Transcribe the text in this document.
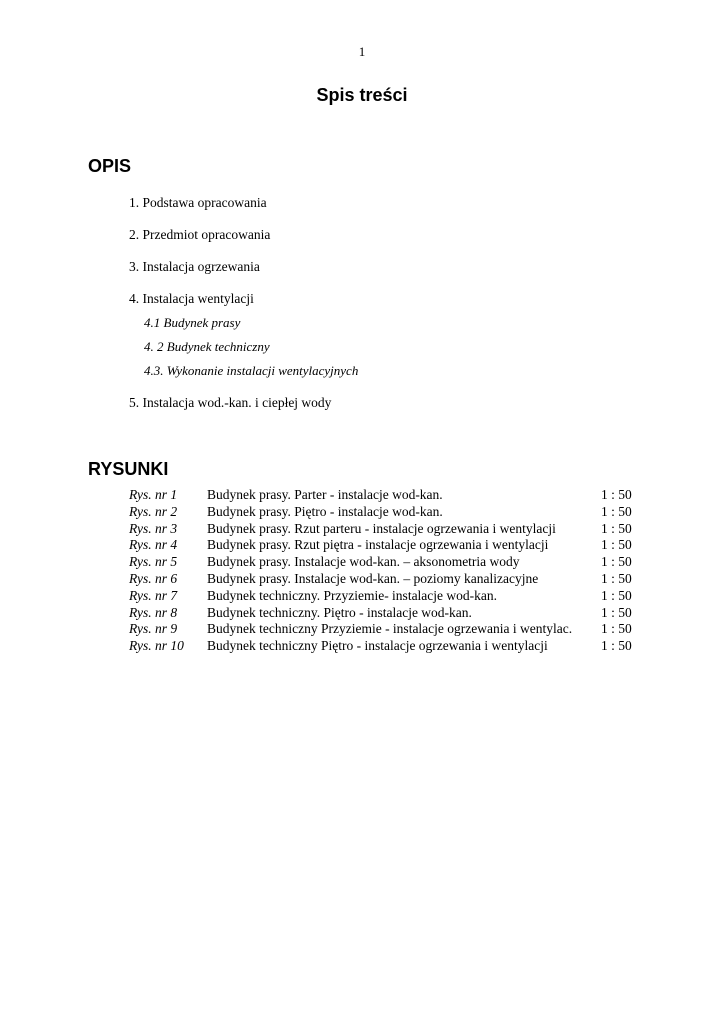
1
Spis treści
OPIS
1. Podstawa opracowania
2. Przedmiot opracowania
3. Instalacja ogrzewania
4. Instalacja wentylacji
4.1 Budynek prasy
4. 2 Budynek techniczny
4.3. Wykonanie instalacji wentylacyjnych
5. Instalacja wod.-kan. i ciepłej wody
RYSUNKI
Rys. nr 1	Budynek prasy. Parter - instalacje wod-kan.	1 : 50
Rys. nr 2	Budynek prasy. Piętro - instalacje wod-kan.	1 : 50
Rys. nr 3	Budynek prasy. Rzut parteru - instalacje ogrzewania i wentylacji	1 : 50
Rys. nr 4	Budynek prasy. Rzut piętra - instalacje ogrzewania i wentylacji	1 : 50
Rys. nr 5	Budynek prasy. Instalacje wod-kan. – aksonometria wody	1 : 50
Rys. nr 6	Budynek prasy. Instalacje wod-kan. – poziomy kanalizacyjne	1 : 50
Rys. nr 7	Budynek techniczny. Przyziemie- instalacje wod-kan.	1 : 50
Rys. nr 8	Budynek techniczny. Piętro - instalacje wod-kan.	1 : 50
Rys. nr 9	Budynek techniczny Przyziemie - instalacje ogrzewania i wentylac.	1 : 50
Rys. nr 10	Budynek techniczny Piętro - instalacje ogrzewania i wentylacji	1 : 50
